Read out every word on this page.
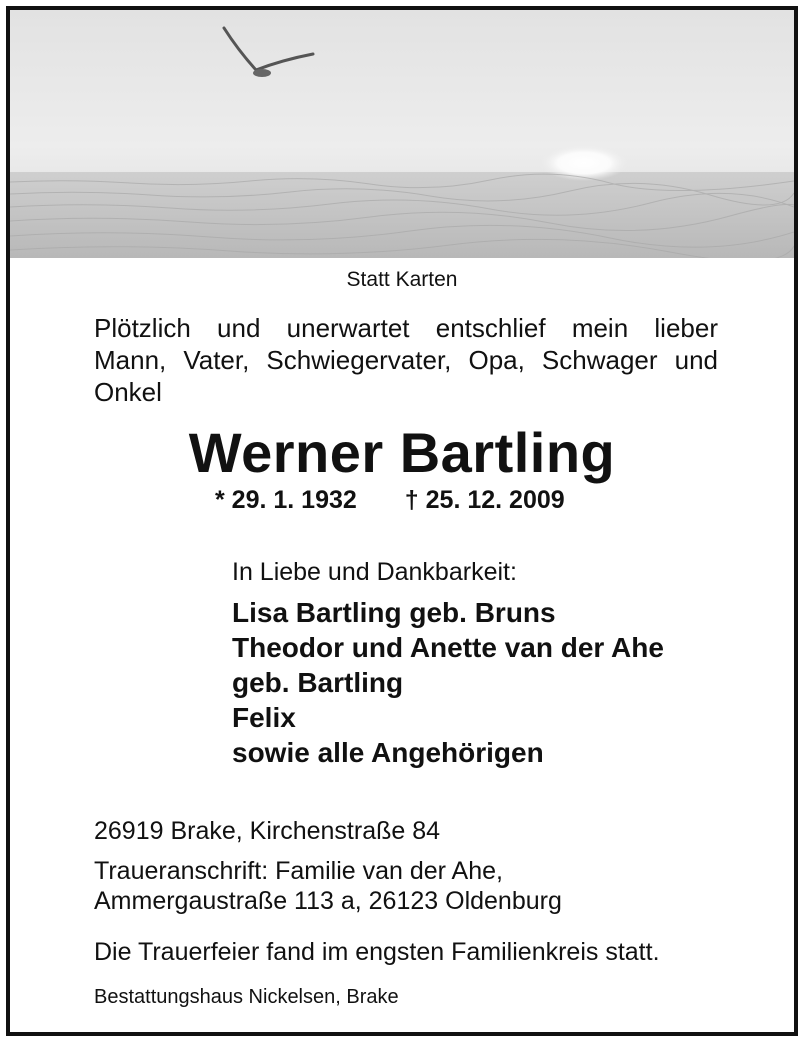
Statt Karten
Plötzlich und unerwartet entschlief mein lieber
Mann, Vater, Schwiegervater, Opa, Schwager und
Onkel
Werner Bartling
* 29. 1. 1932 † 25. 12. 2009
In Liebe und Dankbarkeit:
Lisa Bartling geb. Bruns
Theodor und Anette van der Ahe
geb. Bartling
Felix
sowie alle Angehörigen
26919 Brake, Kirchenstraße 84
Traueranschrift: Familie van der Ahe,
Ammergaustraße 113 a, 26123 Oldenburg
Die Trauerfeier fand im engsten Familienkreis statt.
Bestattungshaus Nickelsen, Brake
